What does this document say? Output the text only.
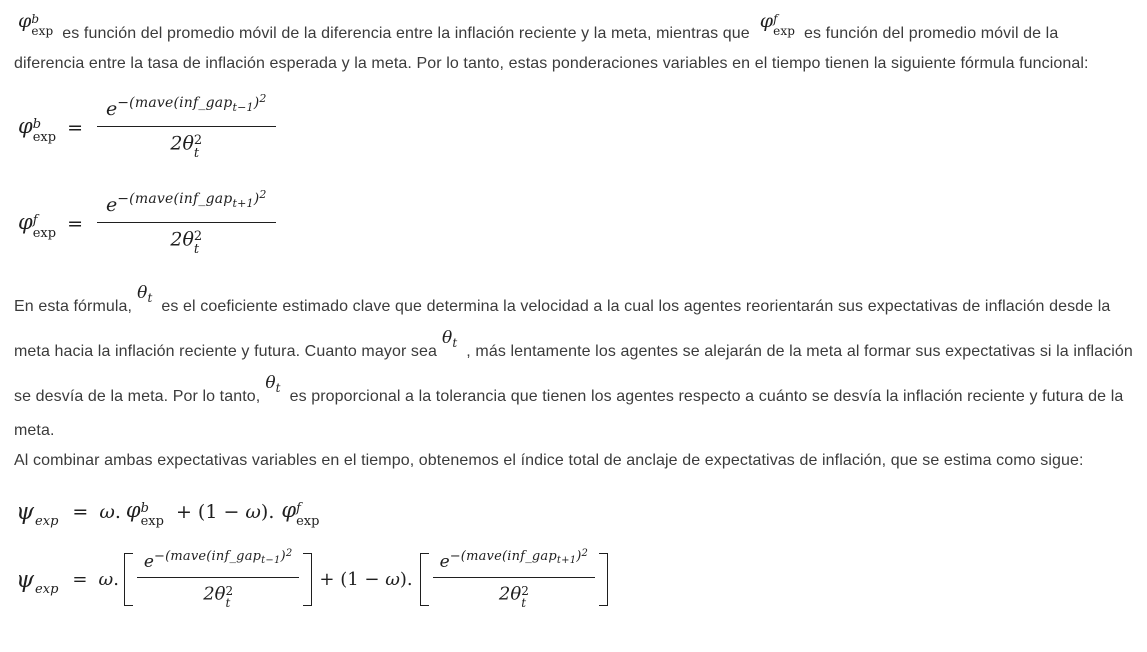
φ b
exp es función del promedio móvil de la diferencia entre la inflación reciente y la meta, mientras queφ f
exp es función del promedio móvil de la
diferencia entre la tasa de inflación esperada y la meta. Por lo tanto, estas ponderaciones variables en el tiempo tienen la siguiente fórmula funcional:
φ b
exp = e−(mave(inf_gap$_{t-1}$)$^2$
2θ 2
t
φ f
exp = e−(mave(inf_gap$_{t+1}$)$^2$
2θ 2
t
En esta $fórmula,\theta_t$ es el coeficiente estimado clave que determina la velocidad a la cual los agentes reorientarán sus expectativas de inflación desde la
meta hacia la inflación reciente y futura. Cuanto mayor seaθ$_t$ , más lentamente los agentes se alejarán de la meta al formar sus expectativas si la inflación
se desvía de la meta. Por lo $tanto,\theta_t$ es proporcional a la tolerancia que tienen los agentes respecto a cuánto se desvía la inflación reciente y futura de la
meta.
Al combinar ambas expectativas variables en el tiempo, obtenemos el índice total de anclaje de expectativas de inflación, que se estima como sigue:
$\psi_{exp} = \omega$. φ b
exp + (1 − ω). φ f
exp
$\psi_{exp} = \omega$. $e^{-(mave(inf\_gap_{t-1})^2}$
2θ 2
t + (1 − ω). $e^{-(mave(inf\_gap_{t+1})^2}$
2θ 2
t
